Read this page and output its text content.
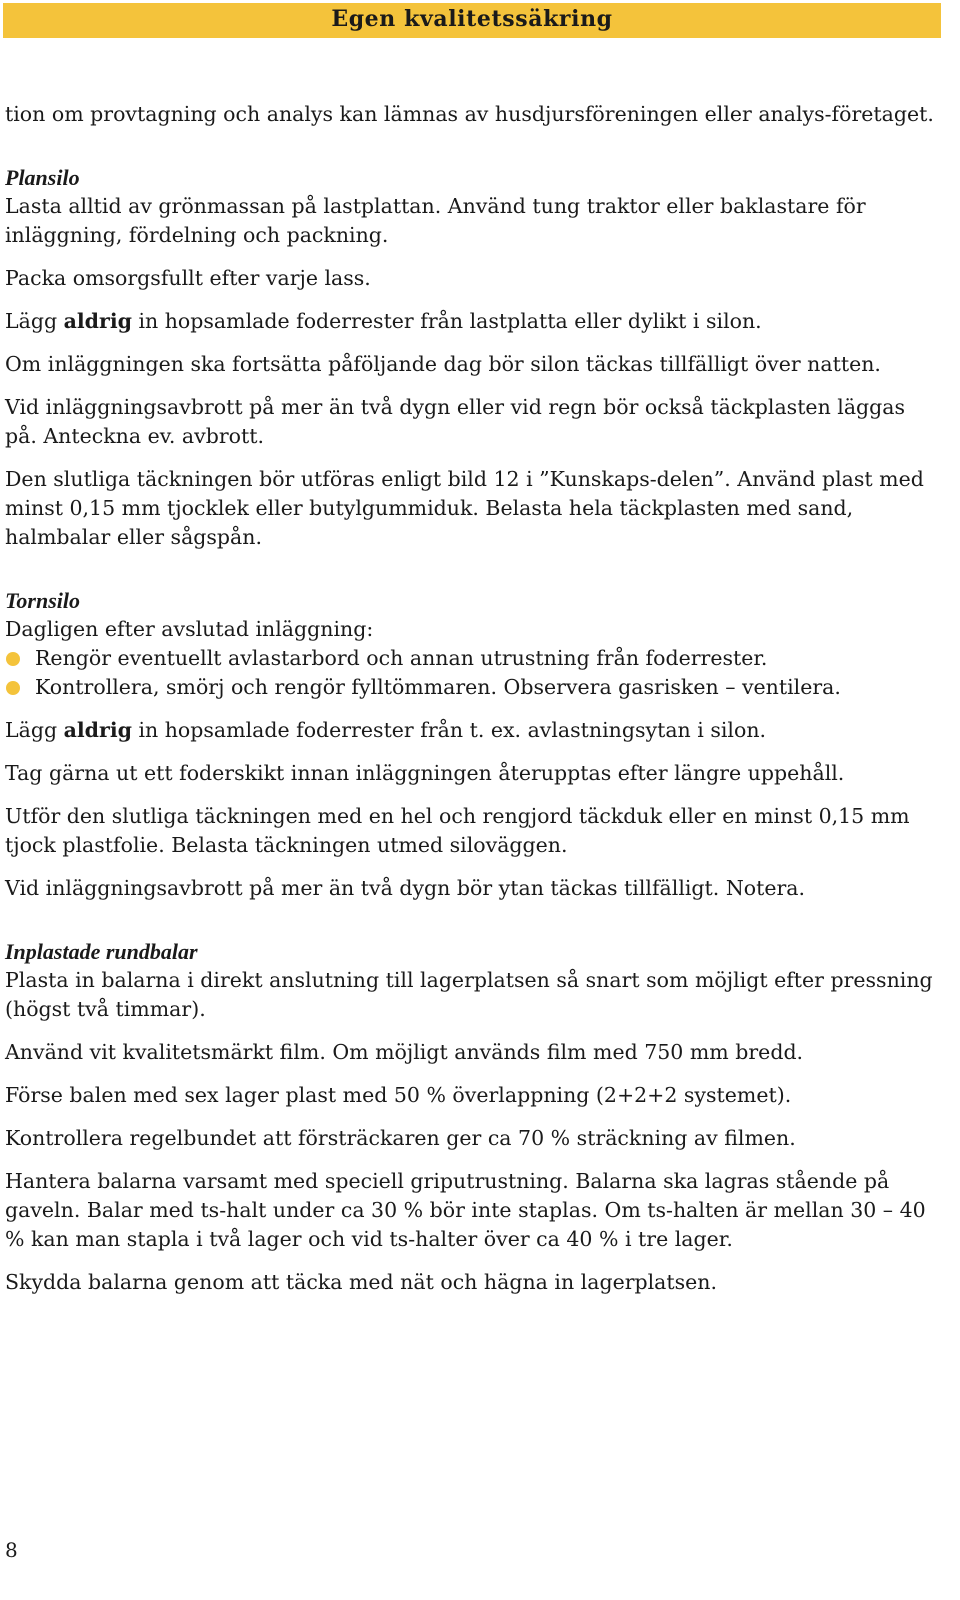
Egen kvalitetssäkring

tion om provtagning och analys kan lämnas av husdjursföreningen eller analys-företaget.

Plansilo

Lasta alltid av grönmassan på lastplattan. Använd tung traktor eller baklastare för inläggning, fördelning och packning.

Packa omsorgsfullt efter varje lass.

Lägg aldrig in hopsamlade foderrester från lastplatta eller dylikt i silon.

Om inläggningen ska fortsätta påföljande dag bör silon täckas tillfälligt över natten.

Vid inläggningsavbrott på mer än två dygn eller vid regn bör också täckplasten läggas på. Anteckna ev. avbrott.

Den slutliga täckningen bör utföras enligt bild 12 i ”Kunskaps-delen”. Använd plast med minst 0,15 mm tjocklek eller butylgummiduk. Belasta hela täckplasten med sand, halmbalar eller sågspån.

Tornsilo

Dagligen efter avslutad inläggning:

Rengör eventuellt avlastarbord och annan utrustning från foderrester.
Kontrollera, smörj och rengör fylltömmaren. Observera gasrisken – ventilera.

Lägg aldrig in hopsamlade foderrester från t. ex. avlastningsytan i silon.

Tag gärna ut ett foderskikt innan inläggningen återupptas efter längre uppehåll.

Utför den slutliga täckningen med en hel och rengjord täckduk eller en minst 0,15 mm tjock plastfolie. Belasta täckningen utmed siloväggen.

Vid inläggningsavbrott på mer än två dygn bör ytan täckas tillfälligt. Notera.

Inplastade rundbalar

Plasta in balarna i direkt anslutning till lagerplatsen så snart som möjligt efter pressning (högst två timmar).

Använd vit kvalitetsmärkt film. Om möjligt används film med 750 mm bredd.

Förse balen med sex lager plast med 50 % överlappning (2+2+2 systemet).

Kontrollera regelbundet att försträckaren ger ca 70 % sträckning av filmen.

Hantera balarna varsamt med speciell griputrustning. Balarna ska lagras stående på gaveln. Balar med ts-halt under ca 30 % bör inte staplas. Om ts-halten är mellan 30 – 40 % kan man stapla i två lager och vid ts-halter över ca 40 % i tre lager.

Skydda balarna genom att täcka med nät och hägna in lagerplatsen.

8
